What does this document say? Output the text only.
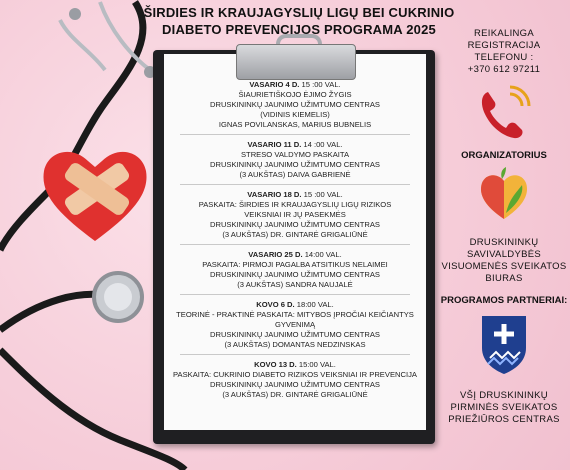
ŠIRDIES IR KRAUJAGYSLIŲ LIGŲ BEI CUKRINIO
DIABETO PREVENCIJOS PROGRAMA 2025
VASARIO 4 D. 15 :00 VAL.
ŠIAURIETIŠKOJO ĖJIMO ŽYGIS
DRUSKININKŲ JAUNIMO UŽIMTUMO CENTRAS
(VIDINIS KIEMELIS)
IGNAS POVILANSKAS, MARIUS BUBNELIS
VASARIO 11 D. 14 :00 VAL.
STRESO VALDYMO PASKAITA
DRUSKININKŲ JAUNIMO UŽIMTUMO CENTRAS
(3 AUKŠTAS) DAIVA GABRIENĖ
VASARIO 18 D. 15 :00 VAL.
PASKAITA: ŠIRDIES IR KRAUJAGYSLIŲ LIGŲ RIZIKOS
VEIKSNIAI IR JŲ PASEKMĖS
DRUSKININKŲ JAUNIMO UŽIMTUMO CENTRAS
(3 AUKŠTAS) DR. GINTARĖ GRIGALIŪNĖ
VASARIO 25 D. 14:00 VAL.
PASKAITA: PIRMOJI PAGALBA ATSITIKUS NELAIMEI
DRUSKININKŲ JAUNIMO UŽIMTUMO CENTRAS
(3 AUKŠTAS) SANDRA NAUJALĖ
KOVO 6 D. 18:00 VAL.
TEORINĖ - PRAKTINĖ PASKAITA: MITYBOS ĮPROČIAI KEIČIANTYS
GYVENIMĄ
DRUSKININKŲ JAUNIMO UŽIMTUMO CENTRAS
(3 AUKŠTAS) DOMANTAS NEDZINSKAS
KOVO 13 D. 15:00 VAL.
PASKAITA: CUKRINIO DIABETO RIZIKOS VEIKSNIAI IR PREVENCIJA
DRUSKININKŲ JAUNIMO UŽIMTUMO CENTRAS
(3 AUKŠTAS) DR. GINTARĖ GRIGALIŪNĖ
REIKALINGA
REGISTRACIJA
TELEFONU :
+370 612 97211
ORGANIZATORIUS
DRUSKININKŲ
SAVIVALDYBĖS
VISUOMENĖS SVEIKATOS
BIURAS
PROGRAMOS PARTNERIAI:
VŠĮ DRUSKININKŲ
PIRMINĖS SVEIKATOS
PRIEŽIŪROS CENTRAS
